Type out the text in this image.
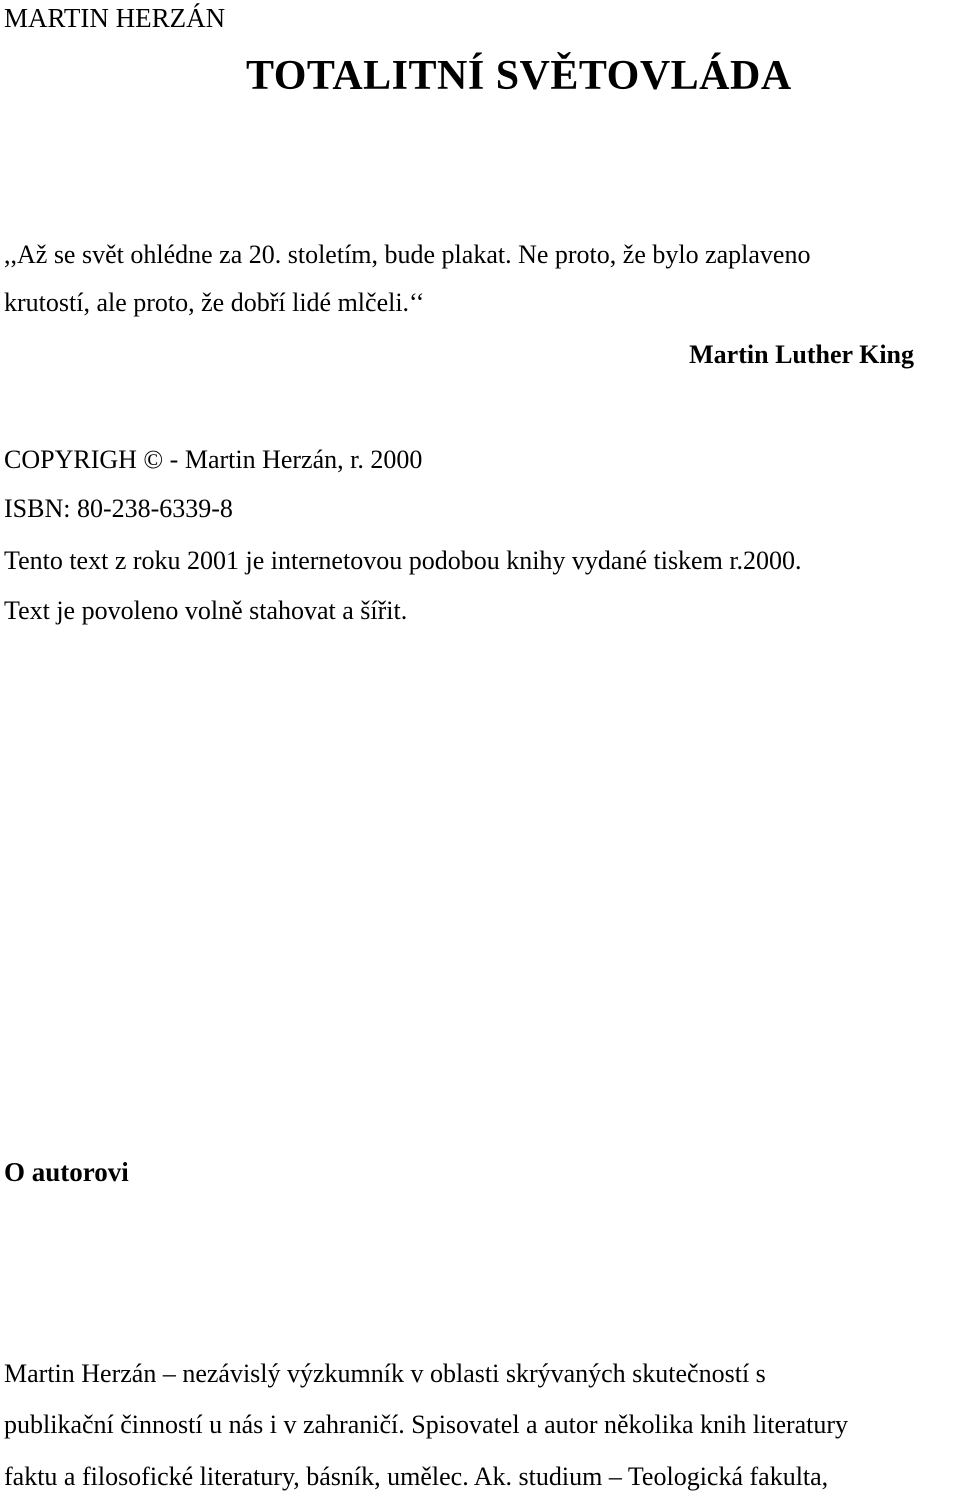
MARTIN HERZÁN
TOTALITNÍ SVĚTOVLÁDA
,,Až se svět ohlédne za 20. stoletím, bude plakat. Ne proto, že bylo zaplaveno
krutostí, ale proto, že dobří lidé mlčeli.‘‘
Martin Luther King
COPYRIGH © - Martin Herzán, r. 2000
ISBN: 80-238-6339-8
Tento text z roku 2001 je internetovou podobou knihy vydané tiskem r.2000.
Text je povoleno volně stahovat a šířit.
O autorovi
Martin Herzán – nezávislý výzkumník v oblasti skrývaných skutečností s
publikační činností u nás i v zahraničí. Spisovatel a autor několika knih literatury
faktu a filosofické literatury, básník, umělec. Ak. studium – Teologická fakulta,
